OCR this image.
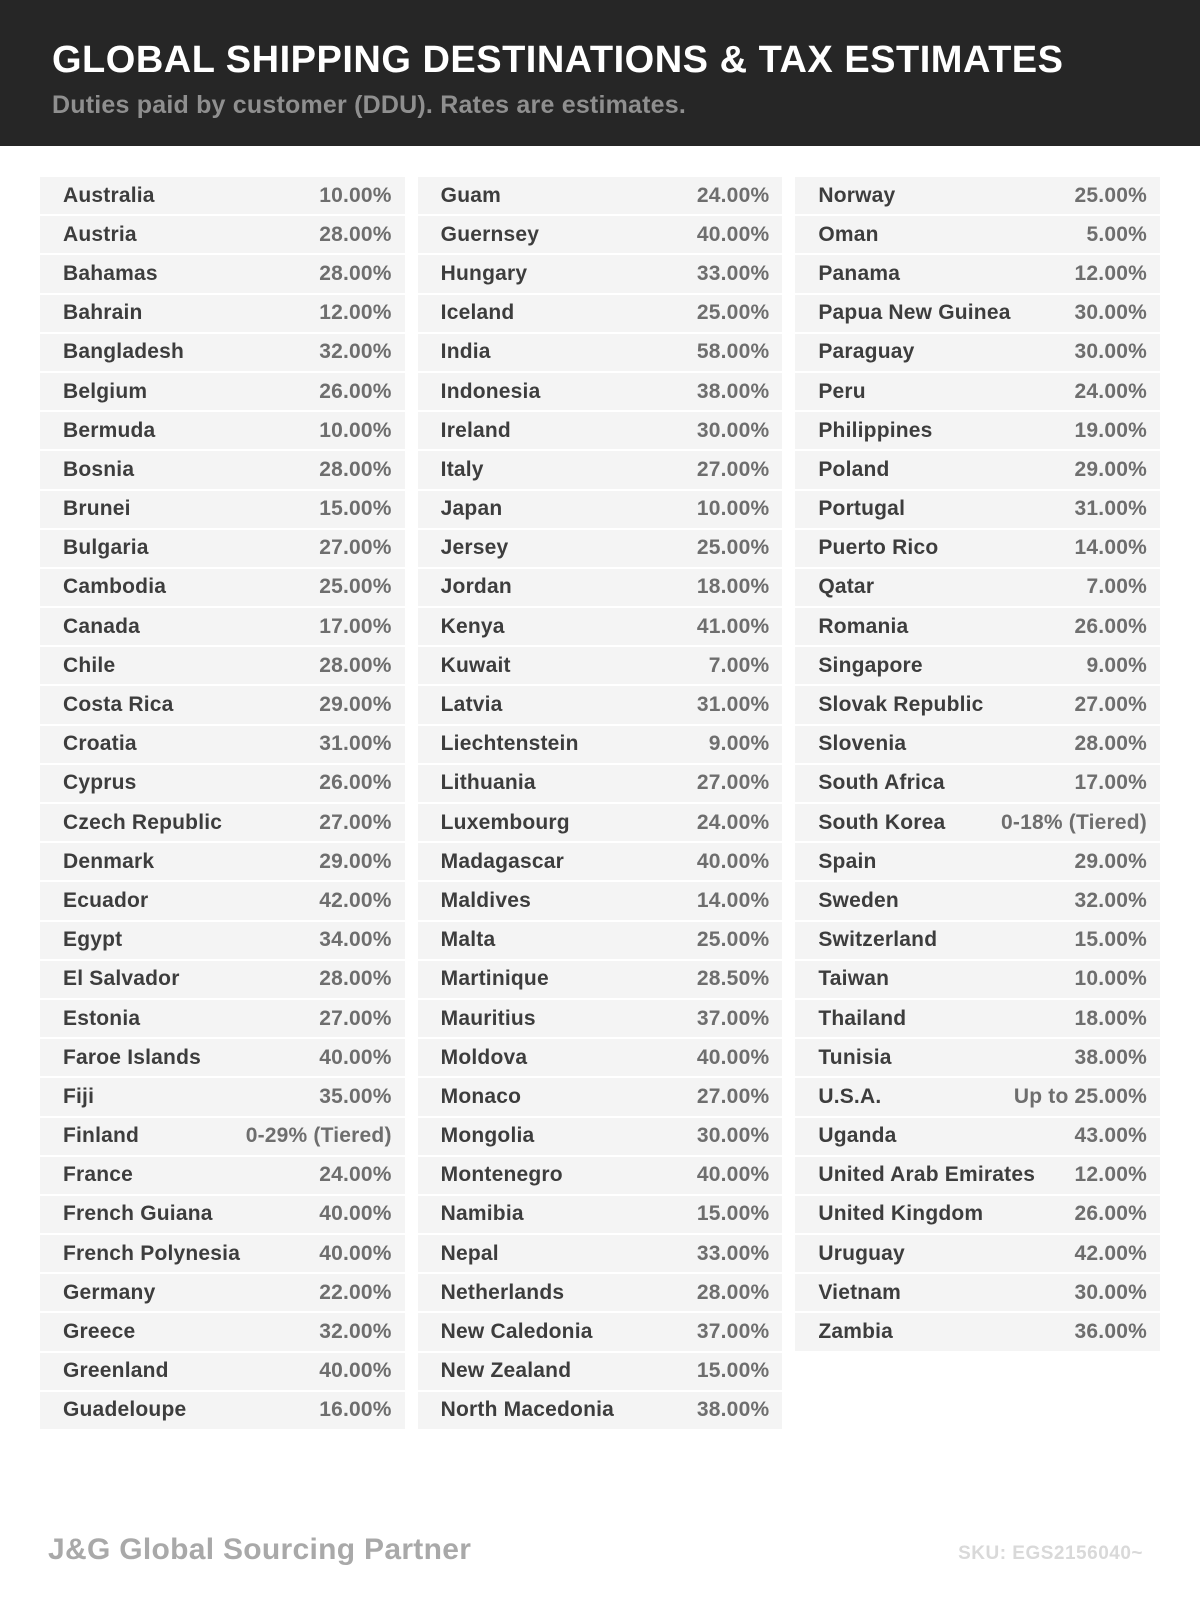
GLOBAL SHIPPING DESTINATIONS & TAX ESTIMATES
Duties paid by customer (DDU). Rates are estimates.
Australia	10.00%
Austria	28.00%
Bahamas	28.00%
Bahrain	12.00%
Bangladesh	32.00%
Belgium	26.00%
Bermuda	10.00%
Bosnia	28.00%
Brunei	15.00%
Bulgaria	27.00%
Cambodia	25.00%
Canada	17.00%
Chile	28.00%
Costa Rica	29.00%
Croatia	31.00%
Cyprus	26.00%
Czech Republic	27.00%
Denmark	29.00%
Ecuador	42.00%
Egypt	34.00%
El Salvador	28.00%
Estonia	27.00%
Faroe Islands	40.00%
Fiji	35.00%
Finland	0-29% (Tiered)
France	24.00%
French Guiana	40.00%
French Polynesia	40.00%
Germany	22.00%
Greece	32.00%
Greenland	40.00%
Guadeloupe	16.00%
Guam	24.00%
Guernsey	40.00%
Hungary	33.00%
Iceland	25.00%
India	58.00%
Indonesia	38.00%
Ireland	30.00%
Italy	27.00%
Japan	10.00%
Jersey	25.00%
Jordan	18.00%
Kenya	41.00%
Kuwait	7.00%
Latvia	31.00%
Liechtenstein	9.00%
Lithuania	27.00%
Luxembourg	24.00%
Madagascar	40.00%
Maldives	14.00%
Malta	25.00%
Martinique	28.50%
Mauritius	37.00%
Moldova	40.00%
Monaco	27.00%
Mongolia	30.00%
Montenegro	40.00%
Namibia	15.00%
Nepal	33.00%
Netherlands	28.00%
New Caledonia	37.00%
New Zealand	15.00%
North Macedonia	38.00%
Norway	25.00%
Oman	5.00%
Panama	12.00%
Papua New Guinea	30.00%
Paraguay	30.00%
Peru	24.00%
Philippines	19.00%
Poland	29.00%
Portugal	31.00%
Puerto Rico	14.00%
Qatar	7.00%
Romania	26.00%
Singapore	9.00%
Slovak Republic	27.00%
Slovenia	28.00%
South Africa	17.00%
South Korea	0-18% (Tiered)
Spain	29.00%
Sweden	32.00%
Switzerland	15.00%
Taiwan	10.00%
Thailand	18.00%
Tunisia	38.00%
U.S.A.	Up to 25.00%
Uganda	43.00%
United Arab Emirates 12.00%
United Kingdom	26.00%
Uruguay	42.00%
Vietnam	30.00%
Zambia	36.00%
J&G Global Sourcing Partner	SKU: EGS2156040~
